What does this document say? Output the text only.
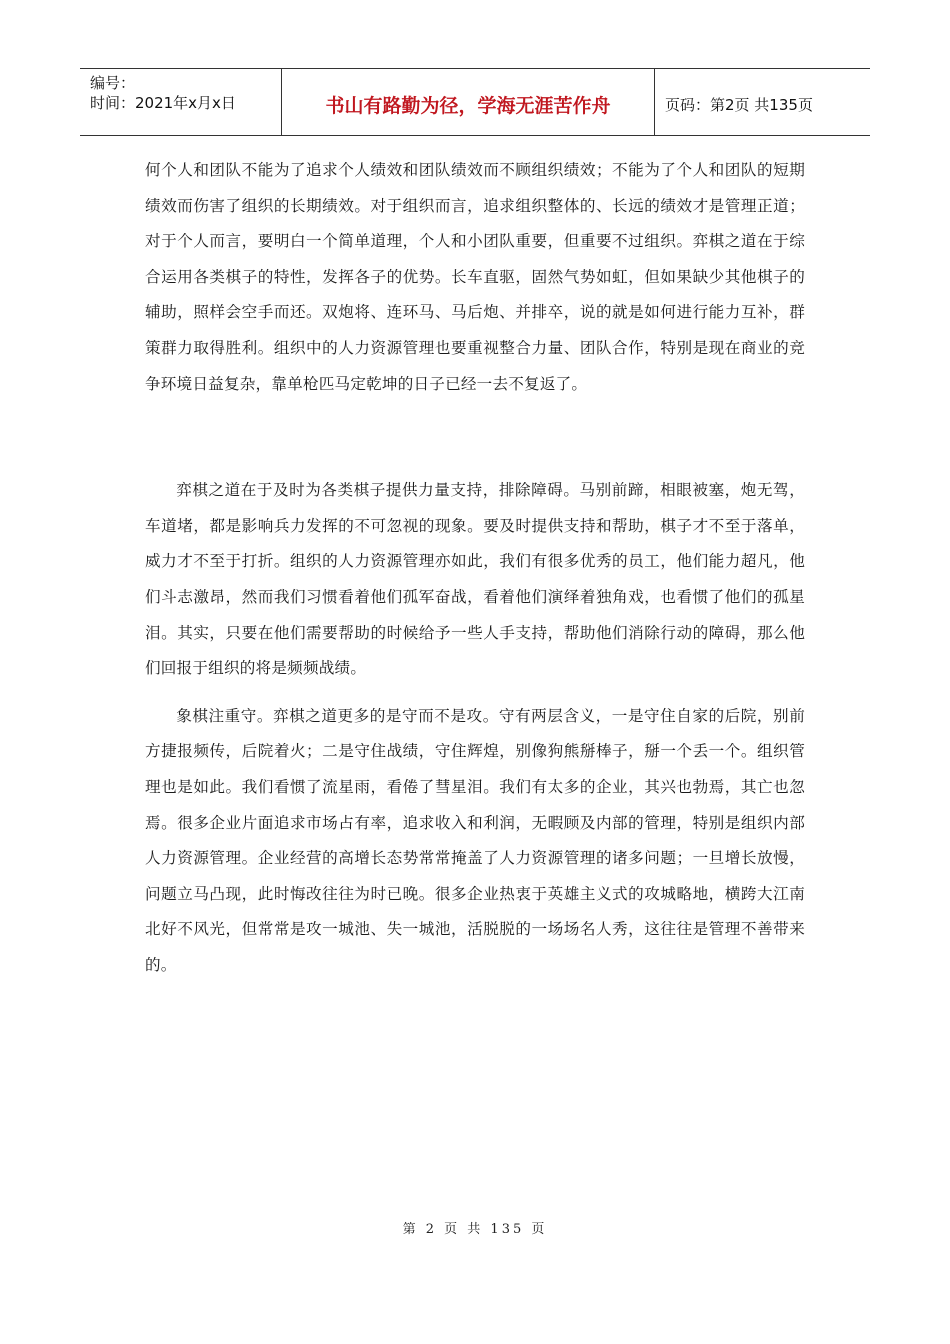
编号：
时间：2021年x月x日	书山有路勤为径，学海无涯苦作舟	页码：第2页 共135页

何个人和团队不能为了追求个人绩效和团队绩效而不顾组织绩效；不能为了个人和团队的短期绩效而伤害了组织的长期绩效。对于组织而言，追求组织整体的、长远的绩效才是管理正道；对于个人而言，要明白一个简单道理，个人和小团队重要，但重要不过组织。弈棋之道在于综合运用各类棋子的特性，发挥各子的优势。长车直驱，固然气势如虹，但如果缺少其他棋子的辅助，照样会空手而还。双炮将、连环马、马后炮、并排卒，说的就是如何进行能力互补，群策群力取得胜利。组织中的人力资源管理也要重视整合力量、团队合作，特别是现在商业的竞争环境日益复杂，靠单枪匹马定乾坤的日子已经一去不复返了。

弈棋之道在于及时为各类棋子提供力量支持，排除障碍。马别前蹄，相眼被塞，炮无驾，车道堵，都是影响兵力发挥的不可忽视的现象。要及时提供支持和帮助，棋子才不至于落单，威力才不至于打折。组织的人力资源管理亦如此，我们有很多优秀的员工，他们能力超凡，他们斗志激昂，然而我们习惯看着他们孤军奋战，看着他们演绎着独角戏，也看惯了他们的孤星泪。其实，只要在他们需要帮助的时候给予一些人手支持，帮助他们消除行动的障碍，那么他们回报于组织的将是频频战绩。

象棋注重守。弈棋之道更多的是守而不是攻。守有两层含义，一是守住自家的后院，别前方捷报频传，后院着火；二是守住战绩，守住辉煌，别像狗熊掰棒子，掰一个丢一个。组织管理也是如此。我们看惯了流星雨，看倦了彗星泪。我们有太多的企业，其兴也勃焉，其亡也忽焉。很多企业片面追求市场占有率，追求收入和利润，无暇顾及内部的管理，特别是组织内部人力资源管理。企业经营的高增长态势常常掩盖了人力资源管理的诸多问题；一旦增长放慢，问题立马凸现，此时悔改往往为时已晚。很多企业热衷于英雄主义式的攻城略地，横跨大江南北好不风光，但常常是攻一城池、失一城池，活脱脱的一场场名人秀，这往往是管理不善带来的。

第 2 页 共 135 页
